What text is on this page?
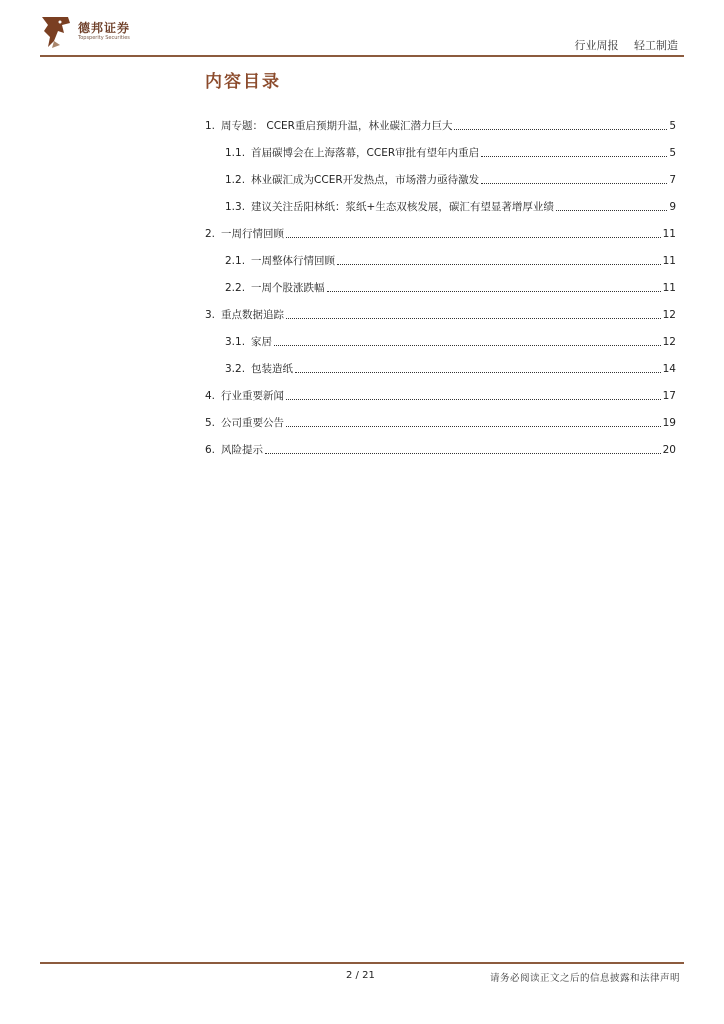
德邦证券
Topsperity Securities
行业周报 轻工制造
内容目录
1. 周专题： CCER重启预期升温，林业碳汇潜力巨大	5
1.1. 首届碳博会在上海落幕，CCER审批有望年内重启	5
1.2. 林业碳汇成为CCER开发热点，市场潜力亟待激发	7
1.3. 建议关注岳阳林纸：浆纸+生态双核发展，碳汇有望显著增厚业绩	9
2. 一周行情回顾	11
2.1. 一周整体行情回顾	11
2.2. 一周个股涨跌幅	11
3. 重点数据追踪	12
3.1. 家居	12
3.2. 包装造纸	14
4. 行业重要新闻	17
5. 公司重要公告	19
6. 风险提示	20
2 / 21	请务必阅读正文之后的信息披露和法律声明
